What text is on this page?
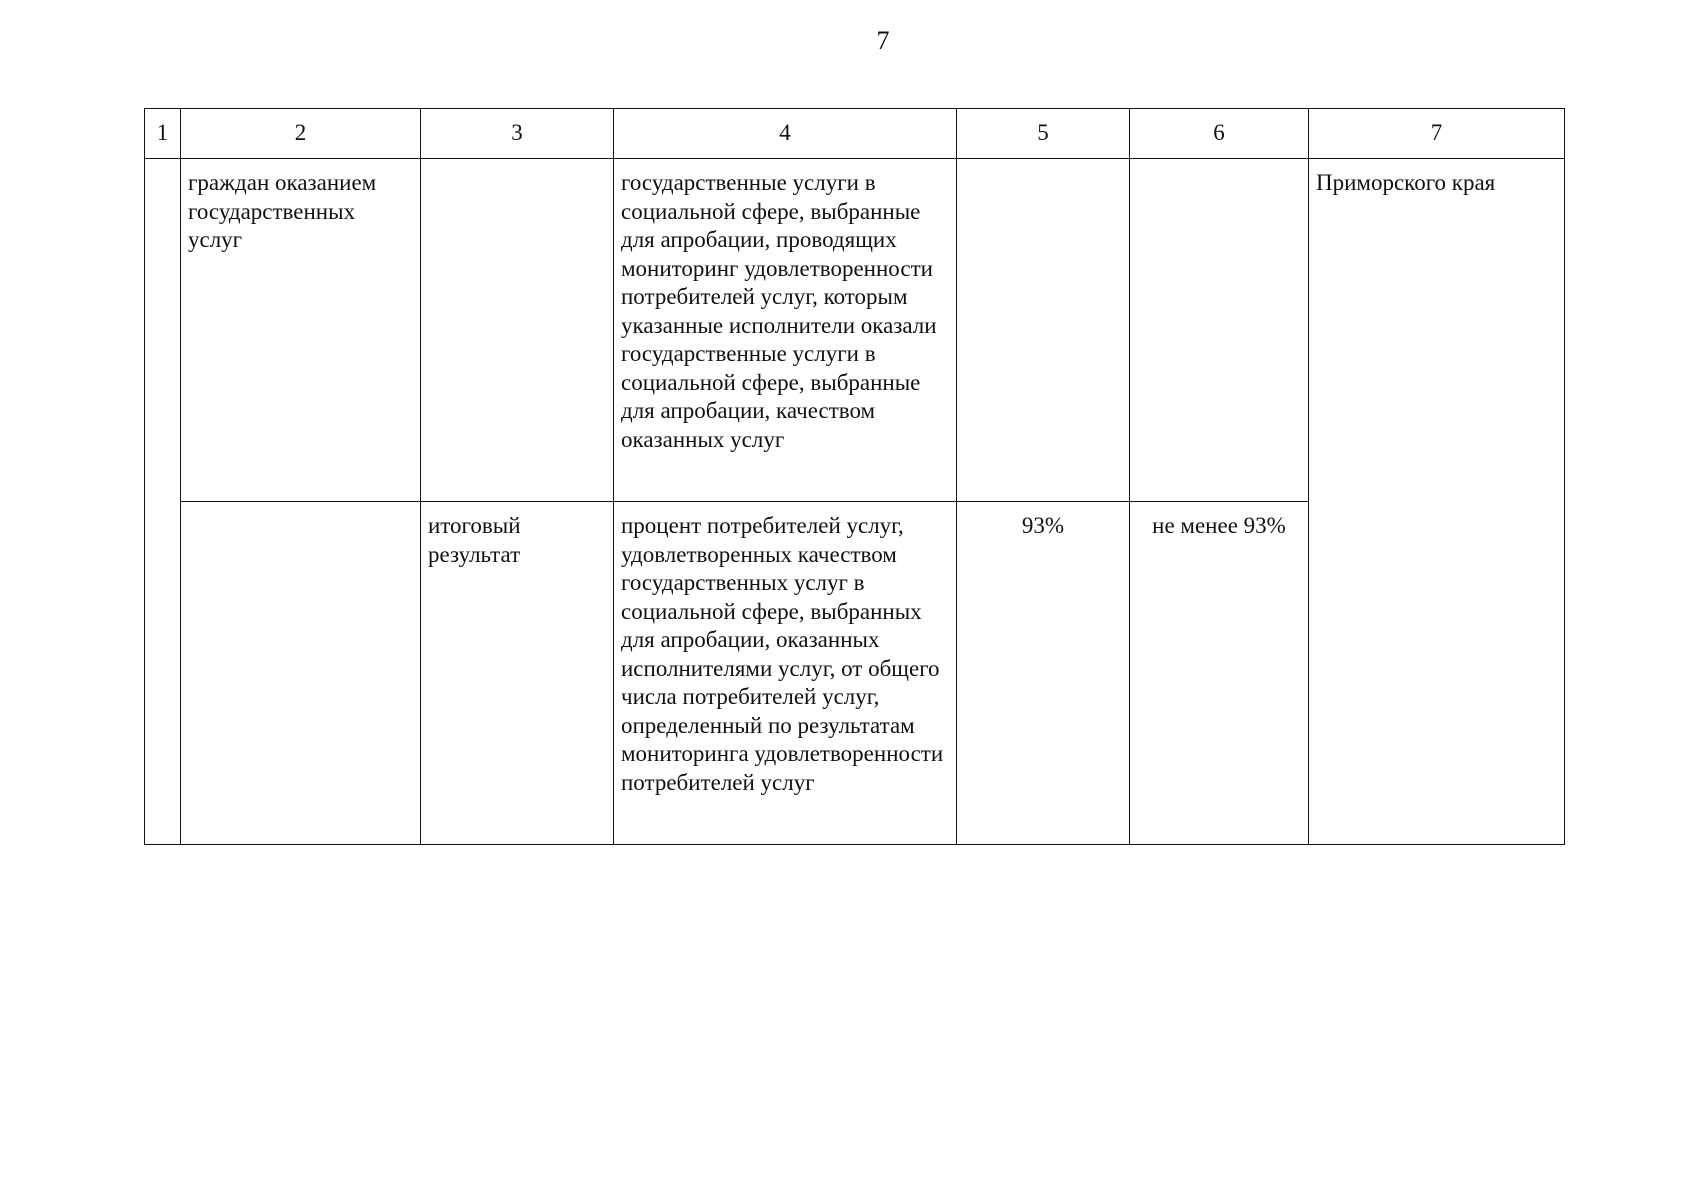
7
1	2	3	4	5	6	7
	граждан оказанием государственных услуг		государственные услуги в социальной сфере, выбранные для апробации, проводящих мониторинг удовлетворенности потребителей услуг, которым указанные исполнители оказали государственные услуги в социальной сфере, выбранные для апробации, качеством оказанных услуг			Приморского края
		итоговый результат	процент потребителей услуг, удовлетворенных качеством государственных услуг в социальной сфере, выбранных для апробации, оказанных исполнителями услуг, от общего числа потребителей услуг, определенный по результатам мониторинга удовлетворенности потребителей услуг	93%	не менее 93%	
